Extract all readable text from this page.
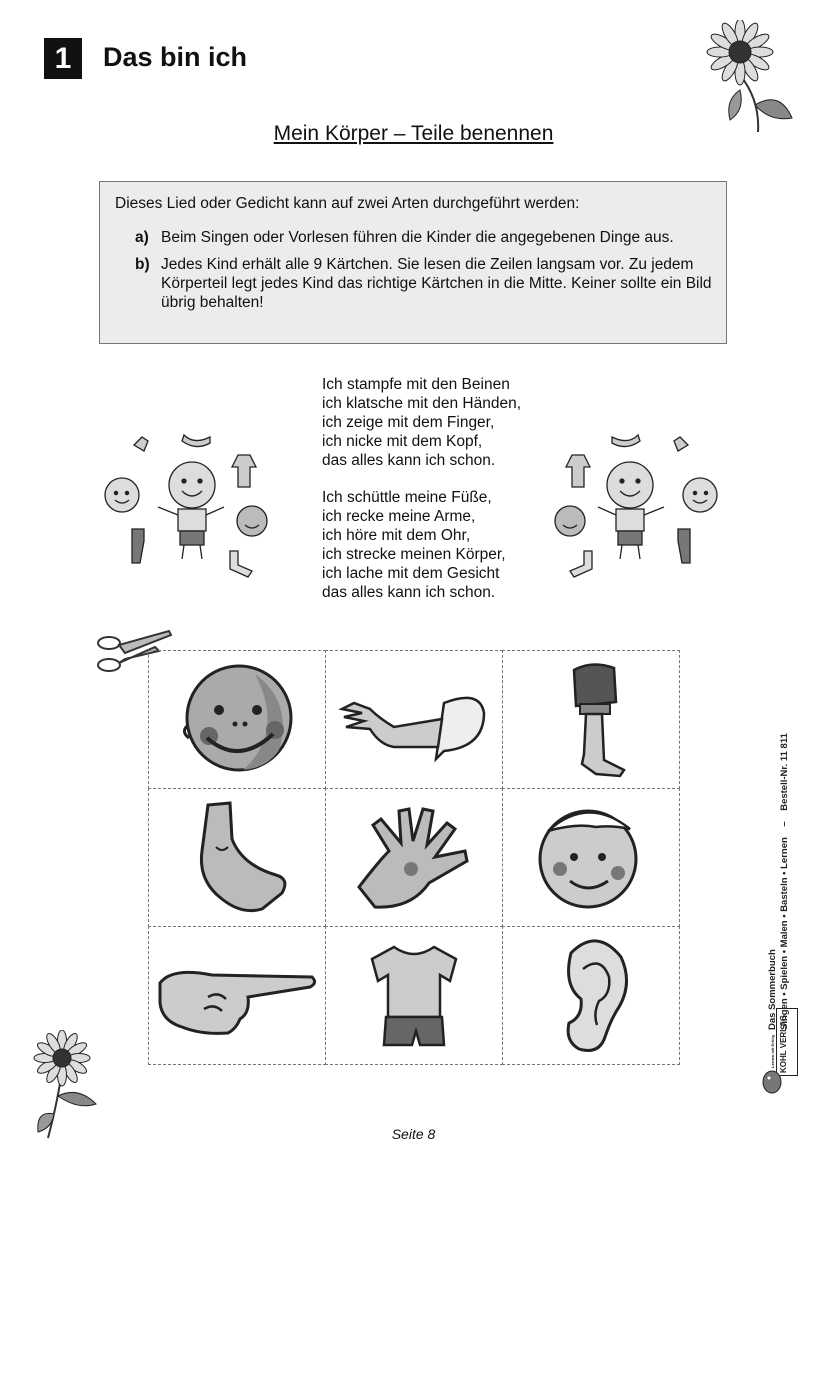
1	Das bin ich
Mein Körper – Teile benennen

Dieses Lied oder Gedicht kann auf zwei Arten durchgeführt werden:

a) Beim Singen oder Vorlesen führen die Kinder die angegebenen Dinge aus.
b) Jedes Kind erhält alle 9 Kärtchen. Sie lesen die Zeilen langsam vor. Zu jedem Körperteil legt jedes Kind das richtige Kärtchen in die Mitte. Keiner sollte ein Bild übrig behalten!
Ich stampfe mit den Beinen
ich klatsche mit den Händen,
ich zeige mit dem Finger,
ich nicke mit dem Kopf,
das alles kann ich schon.
Ich schüttle meine Füße,
ich recke meine Arme,
ich höre mit dem Ohr,
ich strecke meinen Körper,
ich lache mit dem Gesicht
das alles kann ich schon.
Singen • Spielen • Malen • Basteln • Lernen    –    Bestell-Nr. 11 811
Das Sommerbuch
KOHL VERLAG
Lernen mit Erfolg
Seite 8
